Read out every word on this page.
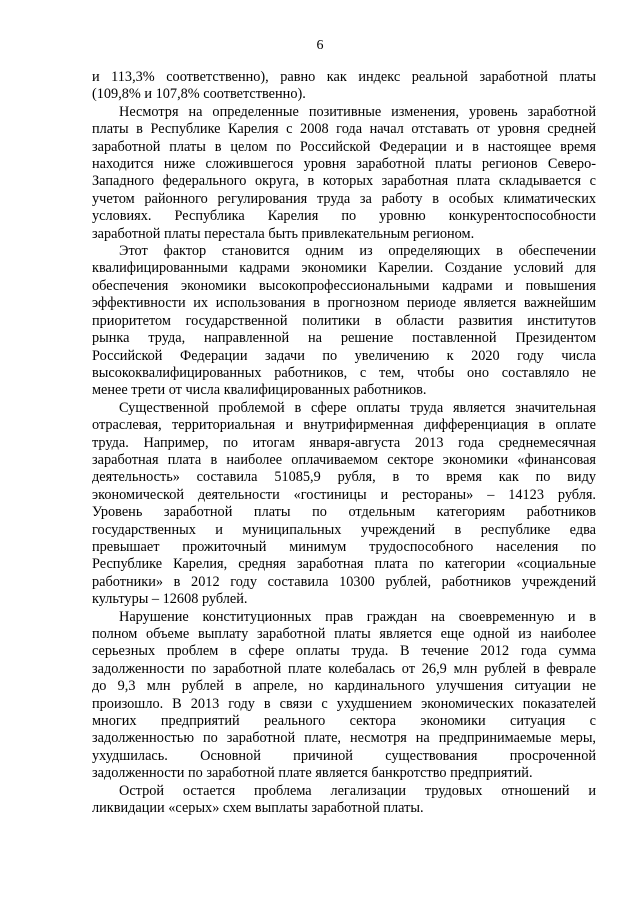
6

и 113,3% соответственно), равно как индекс реальной заработной платы
(109,8% и 107,8% соответственно).

Несмотря на определенные позитивные изменения, уровень заработной
платы в Республике Карелия с 2008 года начал отставать от уровня средней
заработной платы в целом по Российской Федерации и в настоящее время
находится ниже сложившегося уровня заработной платы регионов Северо-
Западного федерального округа, в которых заработная плата складывается с
учетом районного регулирования труда за работу в особых климатических
условиях. Республика Карелия по уровню конкурентоспособности
заработной платы перестала быть привлекательным регионом.

Этот фактор становится одним из определяющих в обеспечении
квалифицированными кадрами экономики Карелии. Создание условий для
обеспечения экономики высокопрофессиональными кадрами и повышения
эффективности их использования в прогнозном периоде является важнейшим
приоритетом государственной политики в области развития институтов
рынка труда, направленной на решение поставленной Президентом
Российской Федерации задачи по увеличению к 2020 году числа
высококвалифицированных работников, с тем, чтобы оно составляло не
менее трети от числа квалифицированных работников.

Существенной проблемой в сфере оплаты труда является значительная
отраслевая, территориальная и внутрифирменная дифференциация в оплате
труда. Например, по итогам января-августа 2013 года среднемесячная
заработная плата в наиболее оплачиваемом секторе экономики «финансовая
деятельность» составила 51085,9 рубля, в то время как по виду
экономической деятельности «гостиницы и рестораны» – 14123 рубля.
Уровень заработной платы по отдельным категориям работников
государственных и муниципальных учреждений в республике едва
превышает прожиточный минимум трудоспособного населения по
Республике Карелия, средняя заработная плата по категории «социальные
работники» в 2012 году составила 10300 рублей, работников учреждений
культуры – 12608 рублей.

Нарушение конституционных прав граждан на своевременную и в
полном объеме выплату заработной платы является еще одной из наиболее
серьезных проблем в сфере оплаты труда. В течение 2012 года сумма
задолженности по заработной плате колебалась от 26,9 млн рублей в феврале
до 9,3 млн рублей в апреле, но кардинального улучшения ситуации не
произошло. В 2013 году в связи с ухудшением экономических показателей
многих предприятий реального сектора экономики ситуация с
задолженностью по заработной плате, несмотря на предпринимаемые меры,
ухудшилась. Основной причиной существования просроченной
задолженности по заработной плате является банкротство предприятий.

Острой остается проблема легализации трудовых отношений и
ликвидации «серых» схем выплаты заработной платы.
